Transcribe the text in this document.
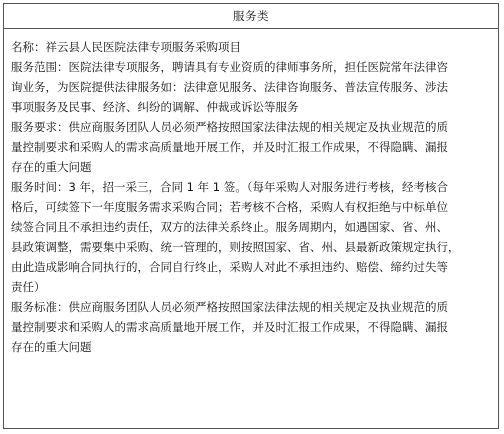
服务类
名称：祥云县人民医院法律专项服务采购项目
服务范围：医院法律专项服务，聘请具有专业资质的律师事务所，担任医院常年法律咨
询业务，为医院提供法律服务如：法律意见服务、法律咨询服务、普法宣传服务、涉法
事项服务及民事、经济、纠纷的调解、仲裁或诉讼等服务
服务要求：供应商服务团队人员必须严格按照国家法律法规的相关规定及执业规范的质
量控制要求和采购人的需求高质量地开展工作，并及时汇报工作成果，不得隐瞒、漏报
存在的重大问题
服务时间：3 年，招一采三，合同 1 年 1 签。（每年采购人对服务进行考核，经考核合
格后，可续签下一年度服务需求采购合同；若考核不合格，采购人有权拒绝与中标单位
续签合同且不承担违约责任，双方的法律关系终止。服务周期内，如遇国家、省、州、
县政策调整，需要集中采购、统一管理的，则按照国家、省、州、县最新政策规定执行，
由此造成影响合同执行的，合同自行终止，采购人对此不承担违约、赔偿、缔约过失等
责任）
服务标准：供应商服务团队人员必须严格按照国家法律法规的相关规定及执业规范的质
量控制要求和采购人的需求高质量地开展工作，并及时汇报工作成果，不得隐瞒、漏报
存在的重大问题
